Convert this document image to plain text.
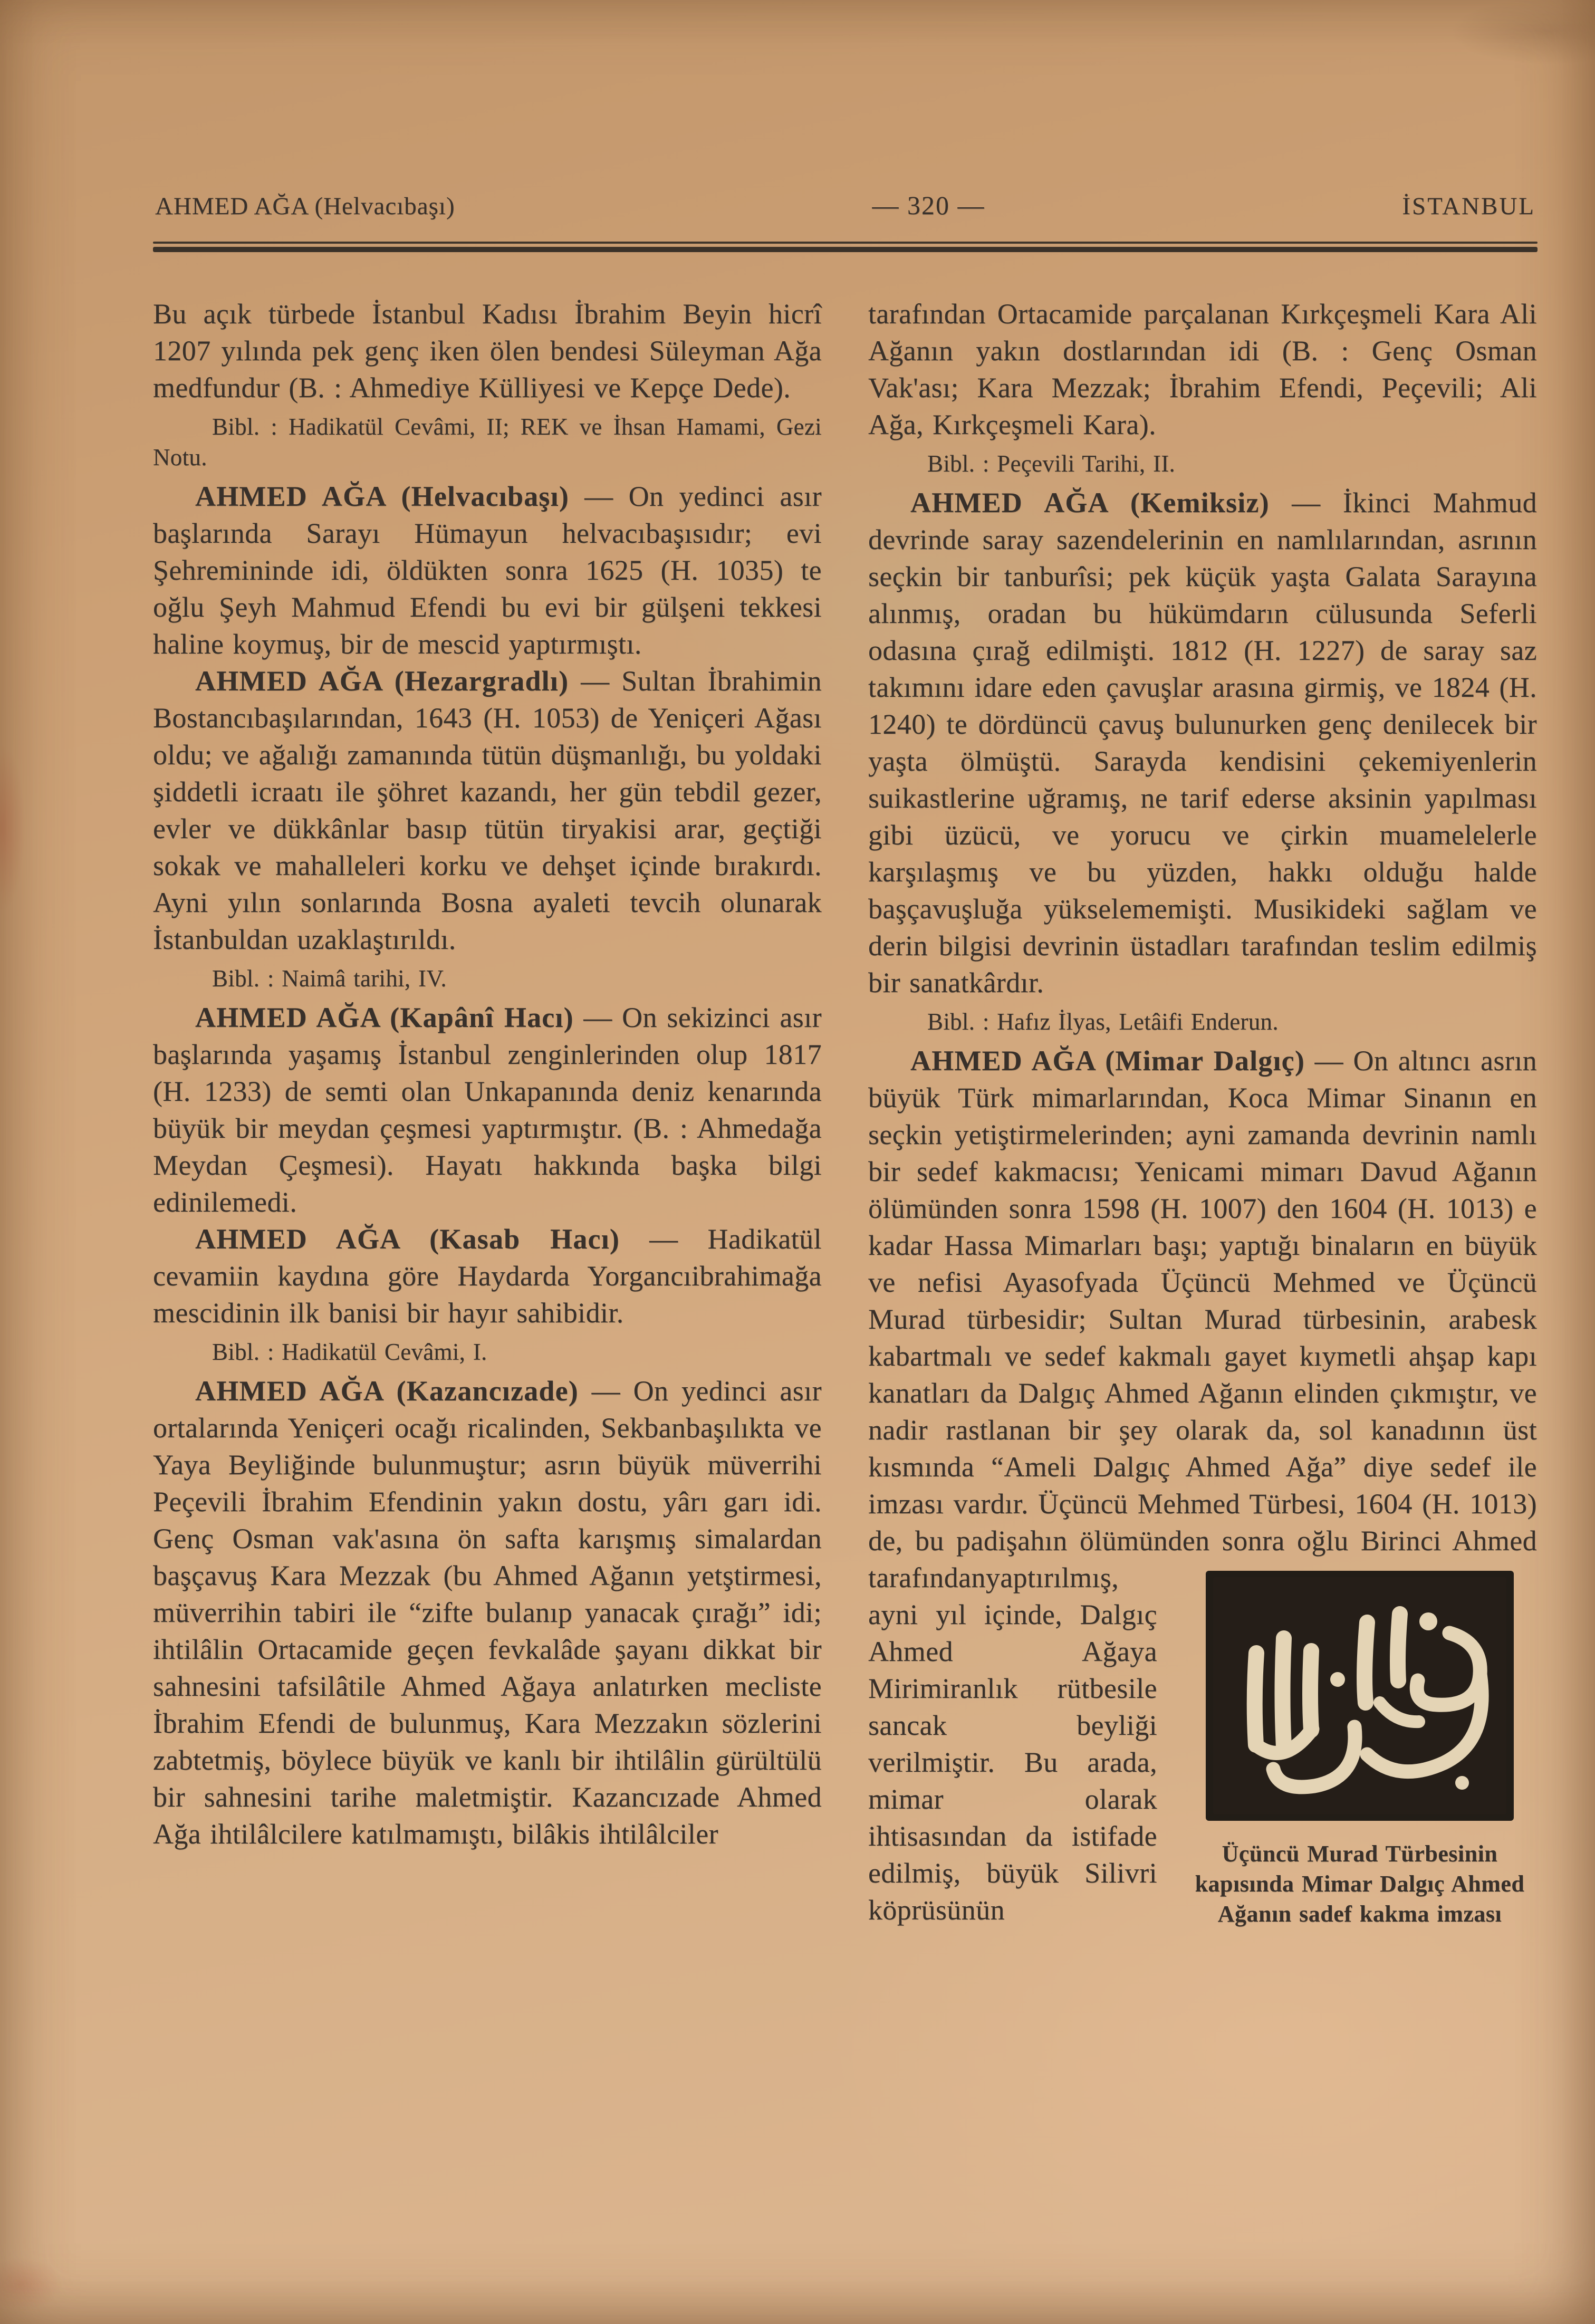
AHMED AĞA (Helvacıbaşı)	— 320 —	İSTANBUL

Bu açık türbede İstanbul Kadısı İbrahim Beyin hicrî 1207 yılında pek genç iken ölen bendesi Süleyman Ağa medfundur (B. : Ahmediye Külliyesi ve Kepçe Dede).

Bibl. : Hadikatül Cevâmi, II; REK ve İhsan Hamami, Gezi Notu.

AHMED AĞA (Helvacıbaşı) — On yedinci asır başlarında Sarayı Hümayun helvacıbaşısıdır; evi Şehremininde idi, öldükten sonra 1625 (H. 1035) te oğlu Şeyh Mahmud Efendi bu evi bir gülşeni tekkesi haline koymuş, bir de mescid yaptırmıştı.

AHMED AĞA (Hezargradlı) — Sultan İbrahimin Bostancıbaşılarından, 1643 (H. 1053) de Yeniçeri Ağası oldu; ve ağalığı zamanında tütün düşmanlığı, bu yoldaki şiddetli icraatı ile şöhret kazandı, her gün tebdil gezer, evler ve dükkânlar basıp tütün tiryakisi arar, geçtiği sokak ve mahalleleri korku ve dehşet içinde bırakırdı. Ayni yılın sonlarında Bosna ayaleti tevcih olunarak İstanbuldan uzaklaştırıldı.

Bibl. : Naimâ tarihi, IV.

AHMED AĞA (Kapânî Hacı) — On sekizinci asır başlarında yaşamış İstanbul zenginlerinden olup 1817 (H. 1233) de semti olan Unkapanında deniz kenarında büyük bir meydan çeşmesi yaptırmıştır. (B. : Ahmedağa Meydan Çeşmesi). Hayatı hakkında başka bilgi edinilemedi.

AHMED AĞA (Kasab Hacı) — Hadikatül cevamiin kaydına göre Haydarda Yorgancıibrahimağa mescidinin ilk banisi bir hayır sahibidir.

Bibl. : Hadikatül Cevâmi, I.

AHMED AĞA (Kazancızade) — On yedinci asır ortalarında Yeniçeri ocağı ricalinden, Sekbanbaşılıkta ve Yaya Beyliğinde bulunmuştur; asrın büyük müverrihi Peçevili İbrahim Efendinin yakın dostu, yârı garı idi. Genç Osman vak'asına ön safta karışmış simalardan başçavuş Kara Mezzak (bu Ahmed Ağanın yetştirmesi, müverrihin tabiri ile “zifte bulanıp yanacak çırağı” idi; ihtilâlin Ortacamide geçen fevkalâde şayanı dikkat bir sahnesini tafsilâtile Ahmed Ağaya anlatırken mecliste İbrahim Efendi de bulunmuş, Kara Mezzakın sözlerini zabtetmiş, böylece büyük ve kanlı bir ihtilâlin gürültülü bir sahnesini tarihe maletmiştir. Kazancızade Ahmed Ağa ihtilâlcilere katılmamıştı, bilâkis ihtilâlciler

tarafından Ortacamide parçalanan Kırkçeşmeli Kara Ali Ağanın yakın dostlarından idi (B. : Genç Osman Vak'ası; Kara Mezzak; İbrahim Efendi, Peçevili; Ali Ağa, Kırkçeşmeli Kara).

Bibl. : Peçevili Tarihi, II.

AHMED AĞA (Kemiksiz) — İkinci Mahmud devrinde saray sazendelerinin en namlılarından, asrının seçkin bir tanburîsi; pek küçük yaşta Galata Sarayına alınmış, oradan bu hükümdarın cülusunda Seferli odasına çırağ edilmişti. 1812 (H. 1227) de saray saz takımını idare eden çavuşlar arasına girmiş, ve 1824 (H. 1240) te dördüncü çavuş bulunurken genç denilecek bir yaşta ölmüştü. Sarayda kendisini çekemiyenlerin suikastlerine uğramış, ne tarif ederse aksinin yapılması gibi üzücü, ve yorucu ve çirkin muamelelerle karşılaşmış ve bu yüzden, hakkı olduğu halde başçavuşluğa yükselememişti. Musikideki sağlam ve derin bilgisi devrinin üstadları tarafından teslim edilmiş bir sanatkârdır.

Bibl. : Hafız İlyas, Letâifi Enderun.

AHMED AĞA (Mimar Dalgıç) — On altıncı asrın büyük Türk mimarlarından, Koca Mimar Sinanın en seçkin yetiştirmelerinden; ayni zamanda devrinin namlı bir sedef kakmacısı; Yenicami mimarı Davud Ağanın ölümünden sonra 1598 (H. 1007) den 1604 (H. 1013) e kadar Hassa Mimarları başı; yaptığı binaların en büyük ve nefisi Ayasofyada Üçüncü Mehmed ve Üçüncü Murad türbesidir; Sultan Murad türbesinin, arabesk kabartmalı ve sedef kakmalı gayet kıymetli ahşap kapı kanatları da Dalgıç Ahmed Ağanın elinden çıkmıştır, ve nadir rastlanan bir şey olarak da, sol kanadının üst kısmında “Ameli Dalgıç Ahmed Ağa” diye sedef ile imzası vardır. Üçüncü Mehmed Türbesi, 1604 (H. 1013) de, bu padişahın ölümünden sonra oğlu Birinci Ahmed tarafından
Üçüncü Murad Türbesinin kapısında Mimar Dalgıç Ahmed Ağanın sadef kakma imzası
yaptırılmış, ayni yıl içinde, Dalgıç Ahmed Ağaya Mirimiranlık rütbesile sancak beyliği verilmiştir. Bu arada, mimar olarak ihtisasından da istifade edilmiş, büyük Silivri köprüsünün
